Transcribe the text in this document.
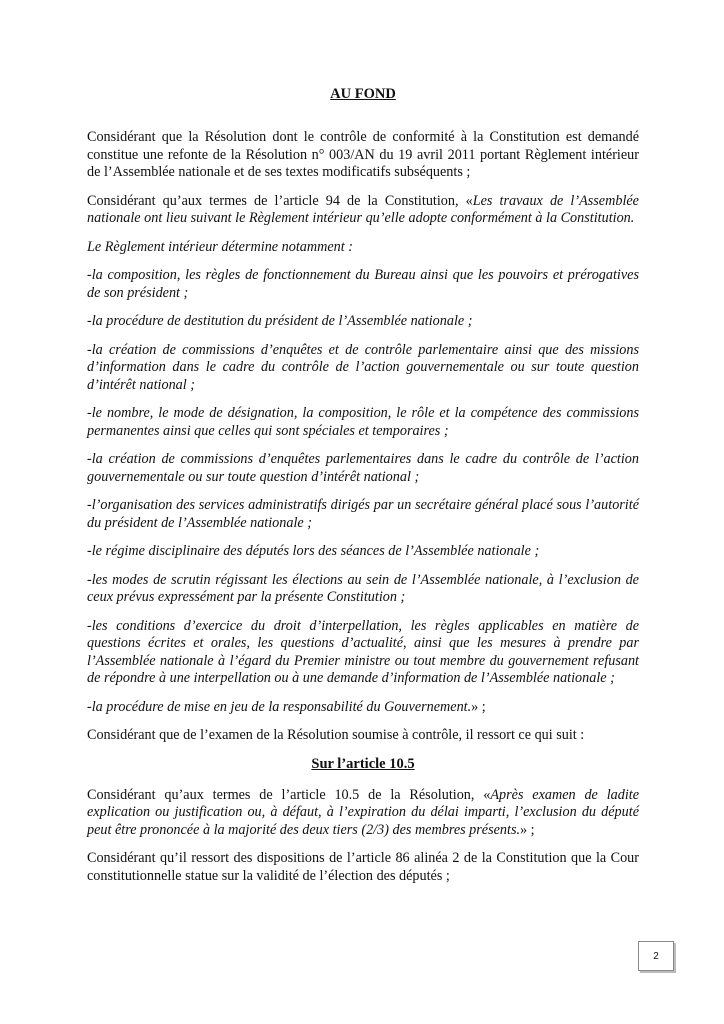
AU FOND

Considérant que la Résolution dont le contrôle de conformité à la Constitution est demandé constitue une refonte de la Résolution n° 003/AN du 19 avril 2011 portant Règlement intérieur de l’Assemblée nationale et de ses textes modificatifs subséquents ;

Considérant qu’aux termes de l’article 94 de la Constitution, «Les travaux de l’Assemblée nationale ont lieu suivant le Règlement intérieur qu’elle adopte conformément à la Constitution.

Le Règlement intérieur détermine notamment :

-la composition, les règles de fonctionnement du Bureau ainsi que les pouvoirs et prérogatives de son président ;

-la procédure de destitution du président de l’Assemblée nationale ;

-la création de commissions d’enquêtes et de contrôle parlementaire ainsi que des missions d’information dans le cadre du contrôle de l’action gouvernementale ou sur toute question d’intérêt national ;

-le nombre, le mode de désignation, la composition, le rôle et la compétence des commissions permanentes ainsi que celles qui sont spéciales et temporaires ;

-la création de commissions d’enquêtes parlementaires dans le cadre du contrôle de l’action gouvernementale ou sur toute question d’intérêt national ;

-l’organisation des services administratifs dirigés par un secrétaire général placé sous l’autorité du président de l’Assemblée nationale ;

-le régime disciplinaire des députés lors des séances de l’Assemblée nationale ;

-les modes de scrutin régissant les élections au sein de l’Assemblée nationale, à l’exclusion de ceux prévus expressément par la présente Constitution ;

-les conditions d’exercice du droit d’interpellation, les règles applicables en matière de questions écrites et orales, les questions d’actualité, ainsi que les mesures à prendre par l’Assemblée nationale à l’égard du Premier ministre ou tout membre du gouvernement refusant de répondre à une interpellation ou à une demande d’information de l’Assemblée nationale ;

-la procédure de mise en jeu de la responsabilité du Gouvernement.» ;

Considérant que de l’examen de la Résolution soumise à contrôle, il ressort ce qui suit :

Sur l’article 10.5

Considérant qu’aux termes de l’article 10.5 de la Résolution, «Après examen de ladite explication ou justification ou, à défaut, à l’expiration du délai imparti, l’exclusion du député peut être prononcée à la majorité des deux tiers (2/3) des membres présents.» ;

Considérant qu’il ressort des dispositions de l’article 86 alinéa 2 de la Constitution que la Cour constitutionnelle statue sur la validité de l’élection des députés ;

2
